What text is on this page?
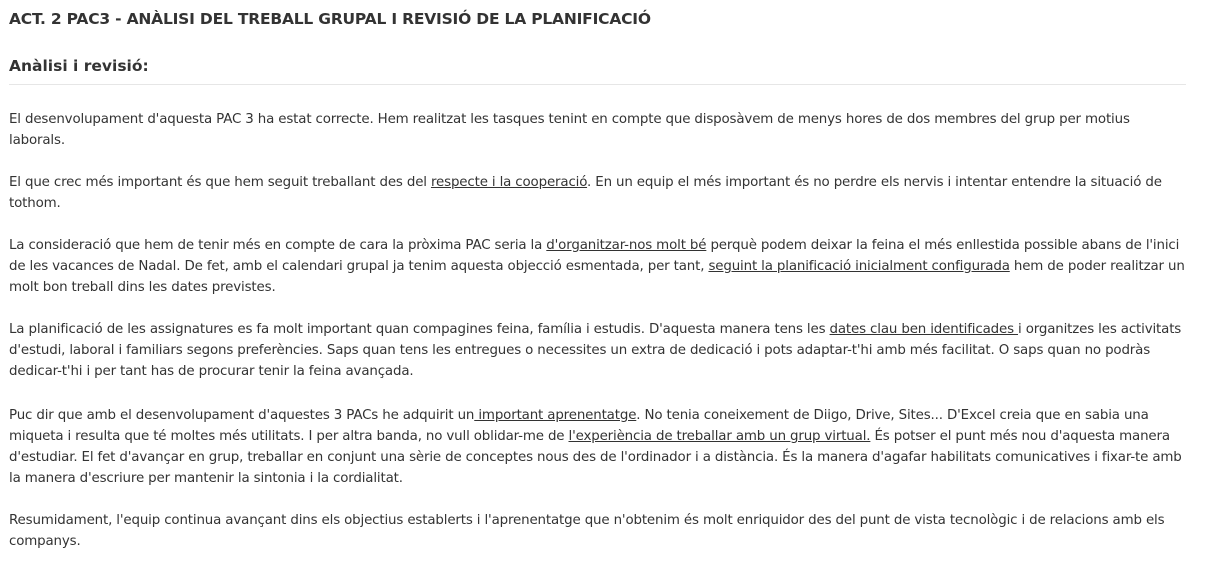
ACT. 2 PAC3 - ANÀLISI DEL TREBALL GRUPAL I REVISIÓ DE LA PLANIFICACIÓ
Anàlisi i revisió:

El desenvolupament d'aquesta PAC 3 ha estat correcte. Hem realitzat les tasques tenint en compte que disposàvem de menys hores de dos membres del grup per motius laborals.

El que crec més important és que hem seguit treballant des del respecte i la cooperació. En un equip el més important és no perdre els nervis i intentar entendre la situació de tothom.

La consideració que hem de tenir més en compte de cara la pròxima PAC seria la d'organitzar-nos molt bé perquè podem deixar la feina el més enllestida possible abans de l'inici de les vacances de Nadal. De fet, amb el calendari grupal ja tenim aquesta objecció esmentada, per tant, seguint la planificació inicialment configurada hem de poder realitzar un molt bon treball dins les dates previstes.

La planificació de les assignatures es fa molt important quan compagines feina, família i estudis. D'aquesta manera tens les dates clau ben identificades i organitzes les activitats d'estudi, laboral i familiars segons preferències. Saps quan tens les entregues o necessites un extra de dedicació i pots adaptar-t'hi amb més facilitat. O saps quan no podràs dedicar-t'hi i per tant has de procurar tenir la feina avançada.

Puc dir que amb el desenvolupament d'aquestes 3 PACs he adquirit un important aprenentatge. No tenia coneixement de Diigo, Drive, Sites... D'Excel creia que en sabia una miqueta i resulta que té moltes més utilitats. I per altra banda, no vull oblidar-me de l'experiència de treballar amb un grup virtual. És potser el punt més nou d'aquesta manera d'estudiar. El fet d'avançar en grup, treballar en conjunt una sèrie de conceptes nous des de l'ordinador i a distància. És la manera d'agafar habilitats comunicatives i fixar-te amb la manera d'escriure per mantenir la sintonia i la cordialitat.

Resumidament, l'equip continua avançant dins els objectius establerts i l'aprenentatge que n'obtenim és molt enriquidor des del punt de vista tecnològic i de relacions amb els companys.
